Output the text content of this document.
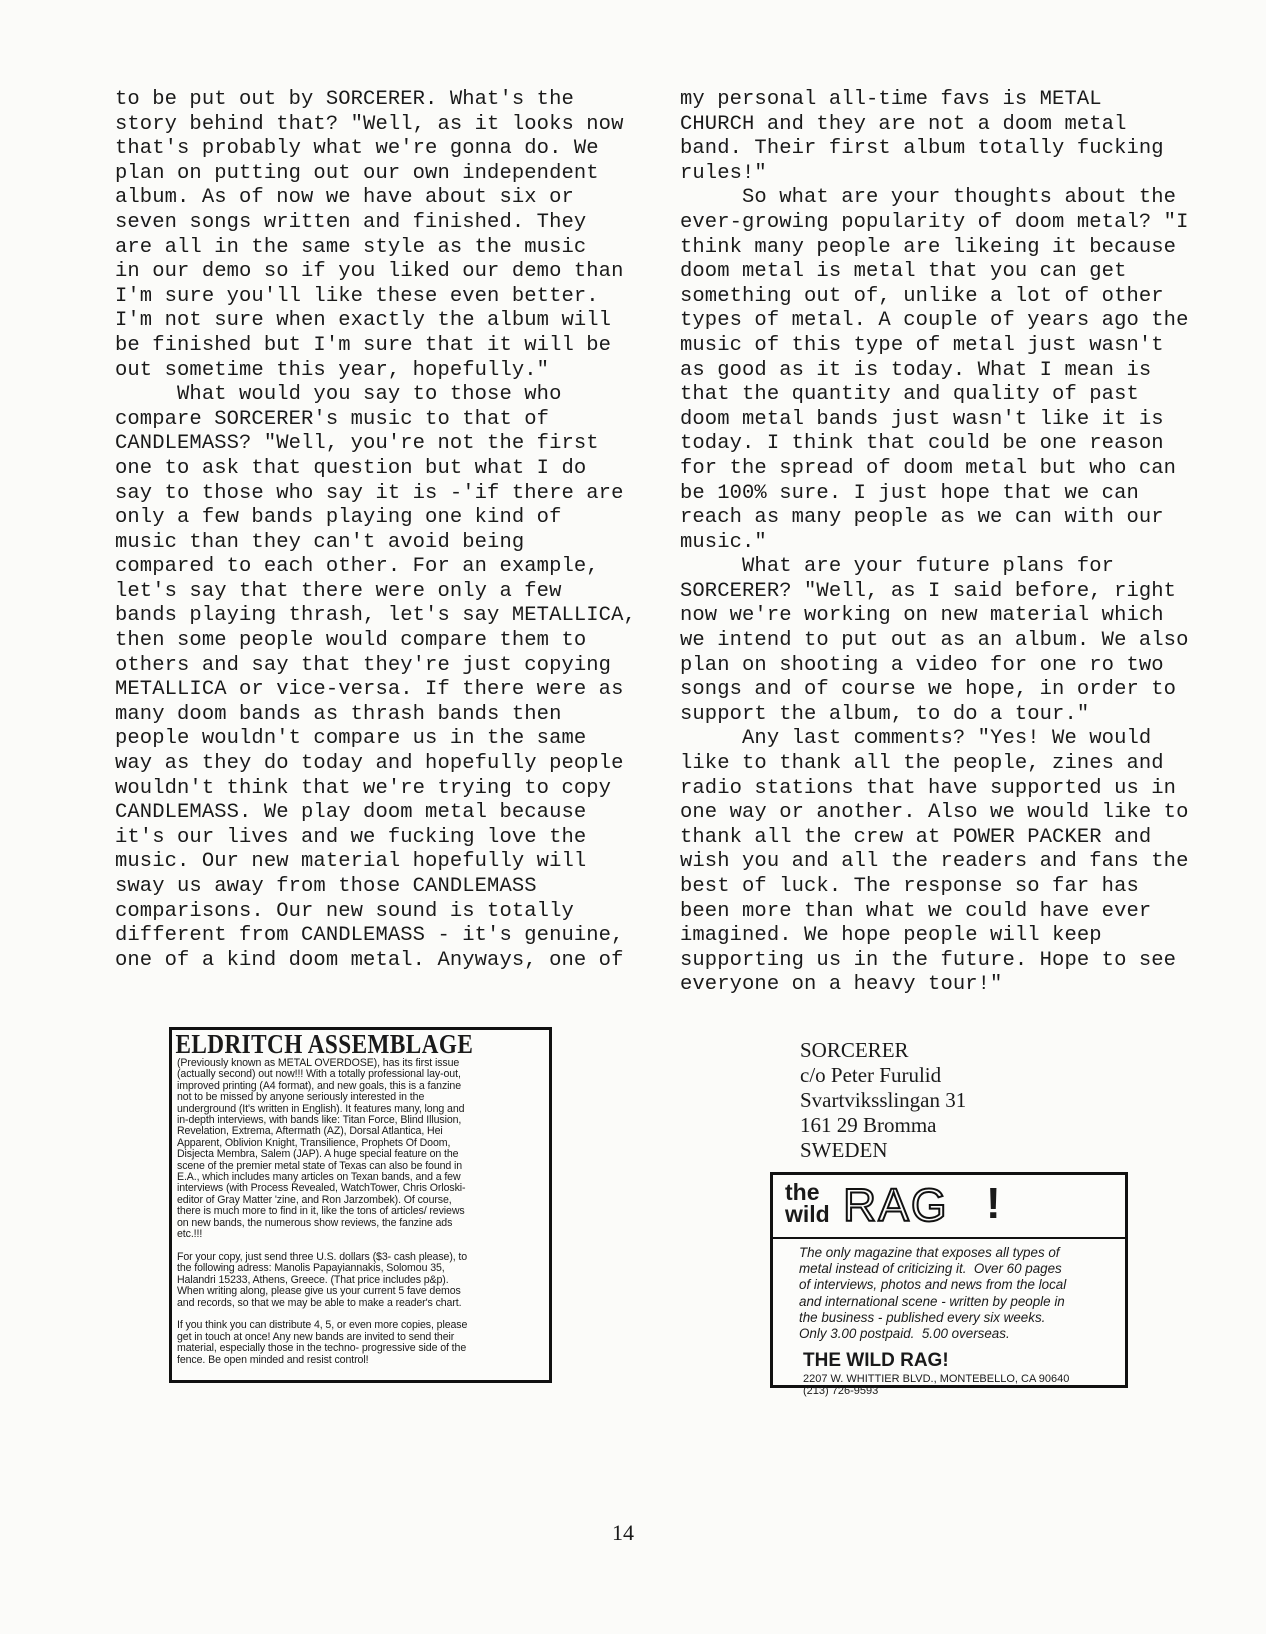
to be put out by SORCERER. What's the
story behind that? "Well, as it looks now
that's probably what we're gonna do. We
plan on putting out our own independent
album. As of now we have about six or
seven songs written and finished. They
are all in the same style as the music
in our demo so if you liked our demo than
I'm sure you'll like these even better.
I'm not sure when exactly the album will
be finished but I'm sure that it will be
out sometime this year, hopefully."
What would you say to those who
compare SORCERER's music to that of
CANDLEMASS? "Well, you're not the first
one to ask that question but what I do
say to those who say it is -'if there are
only a few bands playing one kind of
music than they can't avoid being
compared to each other. For an example,
let's say that there were only a few
bands playing thrash, let's say METALLICA,
then some people would compare them to
others and say that they're just copying
METALLICA or vice-versa. If there were as
many doom bands as thrash bands then
people wouldn't compare us in the same
way as they do today and hopefully people
wouldn't think that we're trying to copy
CANDLEMASS. We play doom metal because
it's our lives and we fucking love the
music. Our new material hopefully will
sway us away from those CANDLEMASS
comparisons. Our new sound is totally
different from CANDLEMASS - it's genuine,
one of a kind doom metal. Anyways, one of
my personal all-time favs is METAL
CHURCH and they are not a doom metal
band. Their first album totally fucking
rules!"
So what are your thoughts about the
ever-growing popularity of doom metal? "I
think many people are likeing it because
doom metal is metal that you can get
something out of, unlike a lot of other
types of metal. A couple of years ago the
music of this type of metal just wasn't
as good as it is today. What I mean is
that the quantity and quality of past
doom metal bands just wasn't like it is
today. I think that could be one reason
for the spread of doom metal but who can
be 100% sure. I just hope that we can
reach as many people as we can with our
music."
What are your future plans for
SORCERER? "Well, as I said before, right
now we're working on new material which
we intend to put out as an album. We also
plan on shooting a video for one ro two
songs and of course we hope, in order to
support the album, to do a tour."
Any last comments? "Yes! We would
like to thank all the people, zines and
radio stations that have supported us in
one way or another. Also we would like to
thank all the crew at POWER PACKER and
wish you and all the readers and fans the
best of luck. The response so far has
been more than what we could have ever
imagined. We hope people will keep
supporting us in the future. Hope to see
everyone on a heavy tour!"
ELDRITCH ASSEMBLAGE
(Previously known as METAL OVERDOSE), has its first issue
(actually second) out now!!! With a totally professional lay-out,
improved printing (A4 format), and new goals, this is a fanzine
not to be missed by anyone seriously interested in the
underground (It's written in English). It features many, long and
in-depth interviews, with bands like: Titan Force, Blind Illusion,
Revelation, Extrema, Aftermath (AZ), Dorsal Atlantica, Hei
Apparent, Oblivion Knight, Transilience, Prophets Of Doom,
Disjecta Membra, Salem (JAP). A huge special feature on the
scene of the premier metal state of Texas can also be found in
E.A., which includes many articles on Texan bands, and a few
interviews (with Process Revealed, WatchTower, Chris Orloski-
editor of Gray Matter 'zine, and Ron Jarzombek). Of course,
there is much more to find in it, like the tons of articles/ reviews
on new bands, the numerous show reviews, the fanzine ads
etc.!!!

For your copy, just send three U.S. dollars ($3- cash please), to
the following adress: Manolis Papayiannakis, Solomou 35,
Halandri 15233, Athens, Greece. (That price includes p&p).
When writing along, please give us your current 5 fave demos
and records, so that we may be able to make a reader's chart.

If you think you can distribute 4, 5, or even more copies, please
get in touch at once! Any new bands are invited to send their
material, especially those in the techno- progressive side of the
fence. Be open minded and resist control!
SORCERER
c/o Peter Furulid
Svartviksslingan 31
161 29 Bromma
SWEDEN
the
wild RAG !
The only magazine that exposes all types of
metal instead of criticizing it.  Over 60 pages
of interviews, photos and news from the local
and international scene - written by people in
the business - published every six weeks.
Only 3.00 postpaid.  5.00 overseas.
THE WILD RAG!
2207 W. WHITTIER BLVD., MONTEBELLO, CA 90640
(213) 726-9593
14
